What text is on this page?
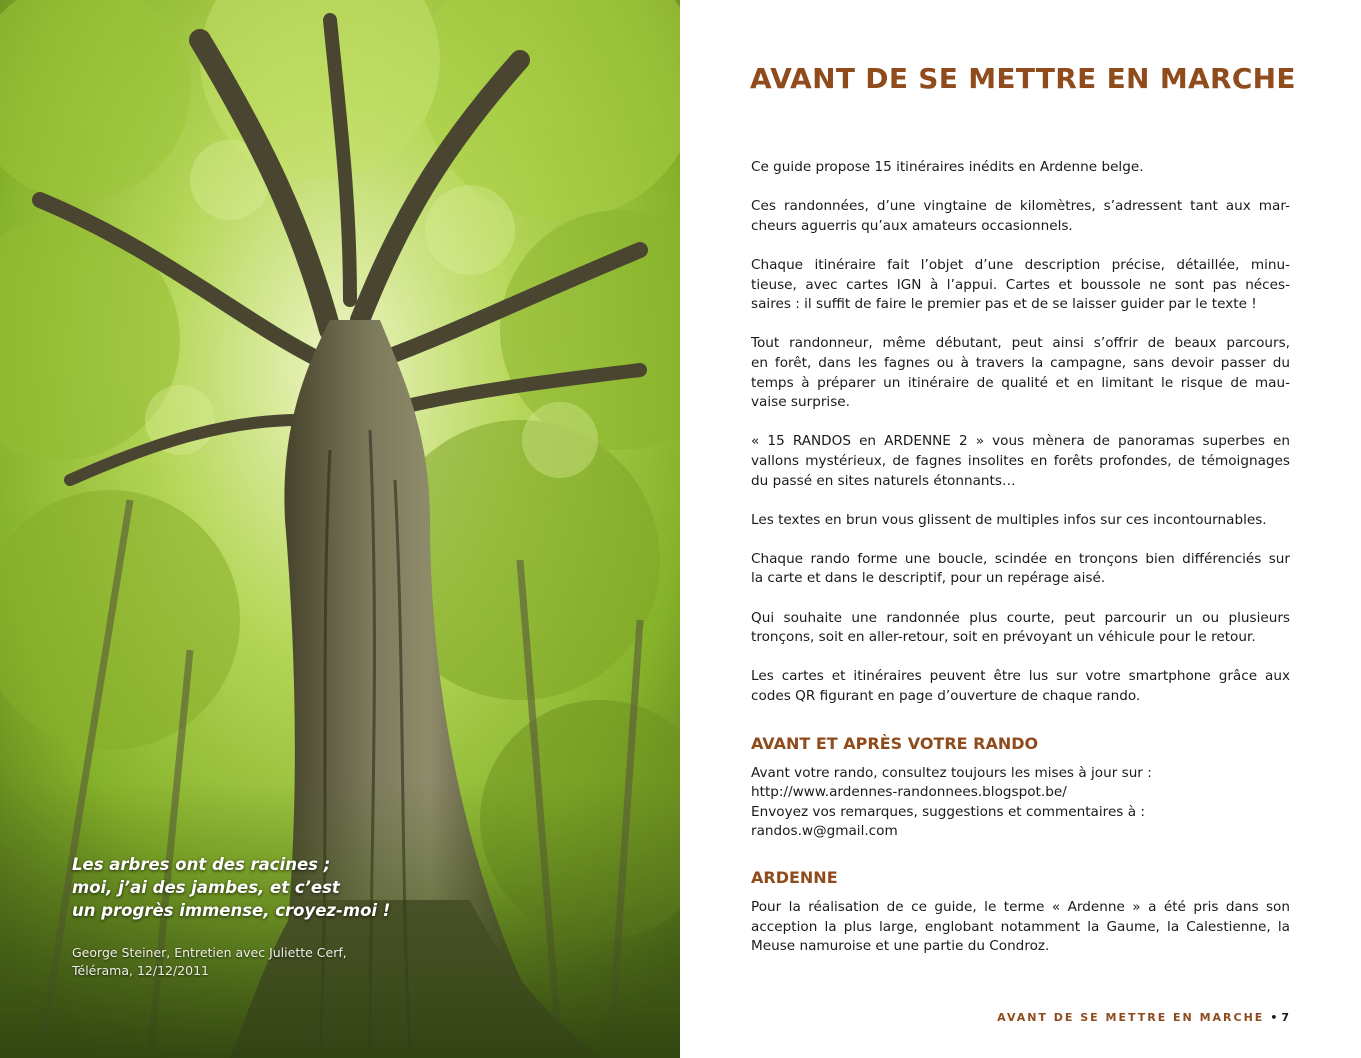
Les arbres ont des racines ;
moi, j’ai des jambes, et c’est
un progrès immense, croyez-moi !
George Steiner, Entretien avec Juliette Cerf,
Télérama, 12/12/2011
AVANT DE SE METTRE EN MARCHE

Ce guide propose 15 itinéraires inédits en Ardenne belge.

Ces randonnées, d’une vingtaine de kilomètres, s’adressent tant aux mar-
cheurs aguerris qu’aux amateurs occasionnels.

Chaque itinéraire fait l’objet d’une description précise, détaillée, minu-
tieuse, avec cartes IGN à l’appui. Cartes et boussole ne sont pas néces-
saires : il suffit de faire le premier pas et de se laisser guider par le texte !

Tout randonneur, même débutant, peut ainsi s’offrir de beaux parcours,
en forêt, dans les fagnes ou à travers la campagne, sans devoir passer du
temps à préparer un itinéraire de qualité et en limitant le risque de mau-
vaise surprise.

« 15 RANDOS en ARDENNE 2 » vous mènera de panoramas superbes en
vallons mystérieux, de fagnes insolites en forêts profondes, de témoignages
du passé en sites naturels étonnants…

Les textes en brun vous glissent de multiples infos sur ces incontournables.

Chaque rando forme une boucle, scindée en tronçons bien différenciés sur
la carte et dans le descriptif, pour un repérage aisé.

Qui souhaite une randonnée plus courte, peut parcourir un ou plusieurs
tronçons, soit en aller-retour, soit en prévoyant un véhicule pour le retour.

Les cartes et itinéraires peuvent être lus sur votre smartphone grâce aux
codes QR figurant en page d’ouverture de chaque rando.

AVANT ET APRÈS VOTRE RANDO

Avant votre rando, consultez toujours les mises à jour sur :
http://www.ardennes-randonnees.blogspot.be/
Envoyez vos remarques, suggestions et commentaires à :
randos.w@gmail.com

ARDENNE

Pour la réalisation de ce guide, le terme « Ardenne » a été pris dans son
acception la plus large, englobant notamment la Gaume, la Calestienne, la
Meuse namuroise et une partie du Condroz.

AVANT DE SE METTRE EN MARCHE • 7
